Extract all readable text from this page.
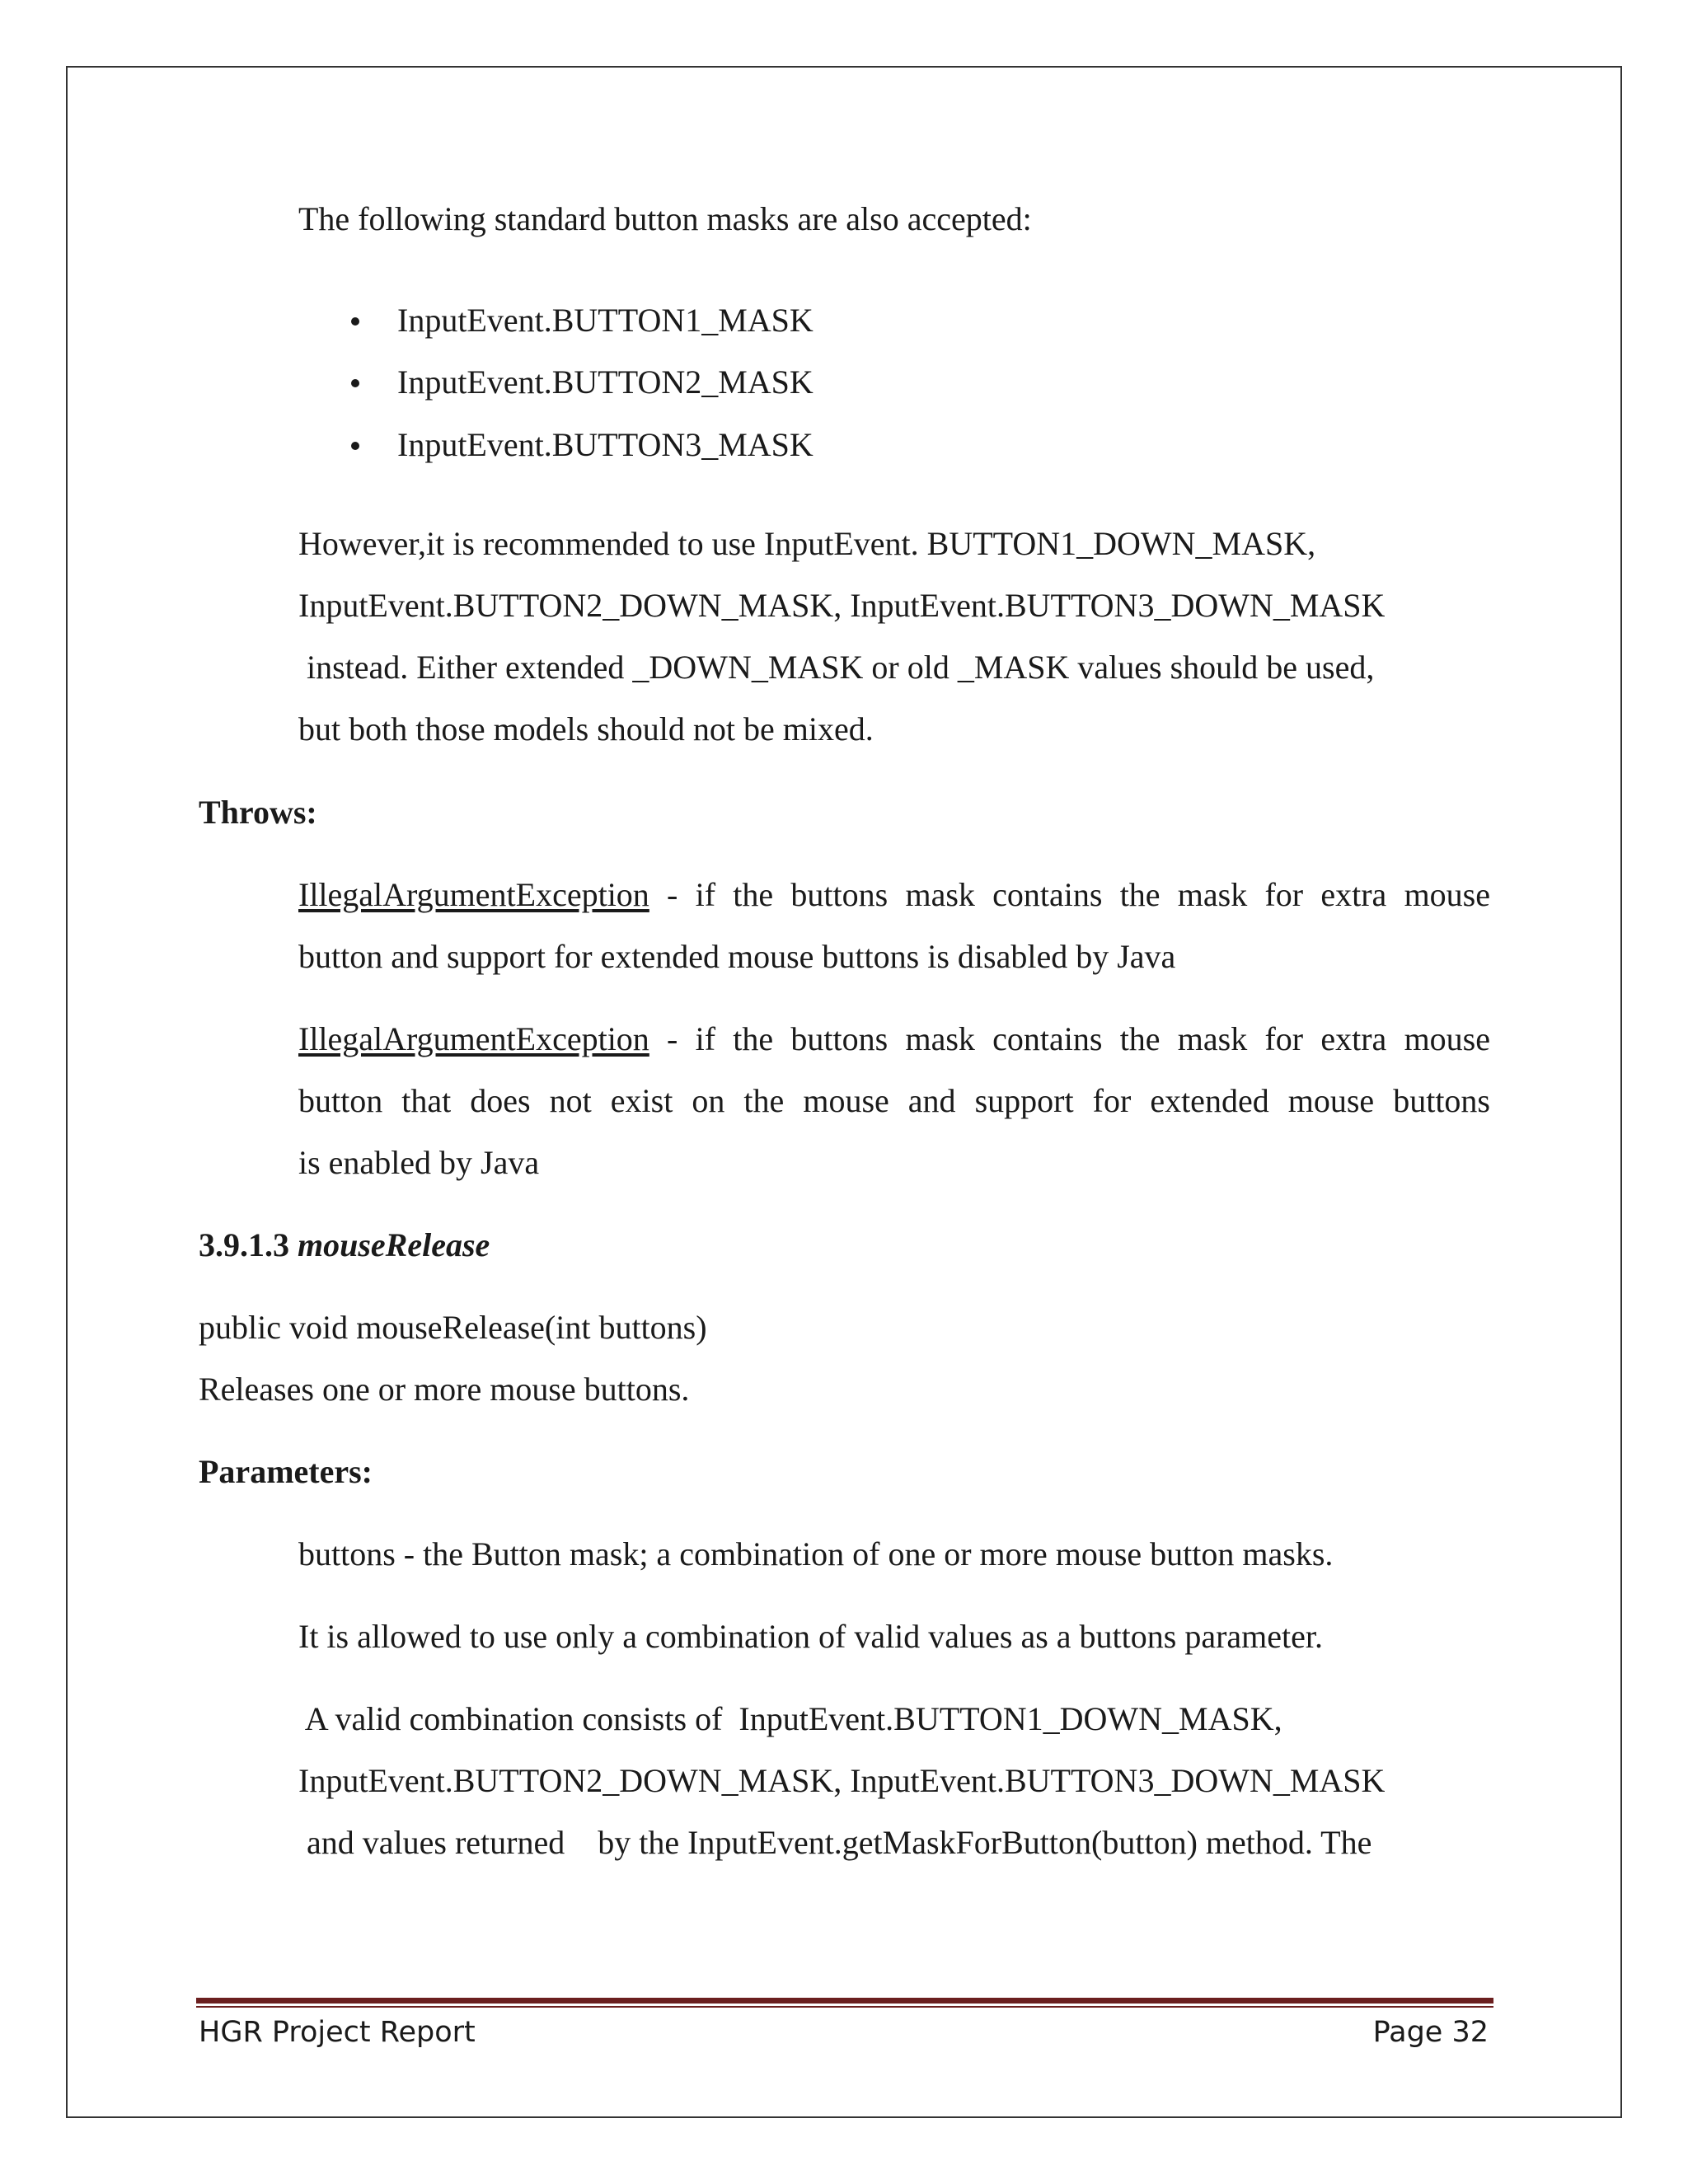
The following standard button masks are also accepted:
InputEvent.BUTTON1_MASK
InputEvent.BUTTON2_MASK
InputEvent.BUTTON3_MASK
However,it is recommended to use InputEvent. BUTTON1_DOWN_MASK,
InputEvent.BUTTON2_DOWN_MASK, InputEvent.BUTTON3_DOWN_MASK
instead. Either extended _DOWN_MASK or old _MASK values should be used,
but both those models should not be mixed.
Throws:
IllegalArgumentException - if the buttons mask contains the mask for extra mouse
button and support for extended mouse buttons is disabled by Java
IllegalArgumentException - if the buttons mask contains the mask for extra mouse
button that does not exist on the mouse and support for extended mouse buttons
is enabled by Java
3.9.1.3 mouseRelease
public void mouseRelease(int buttons)
Releases one or more mouse buttons.
Parameters:
buttons - the Button mask; a combination of one or more mouse button masks.
It is allowed to use only a combination of valid values as a buttons parameter.
A valid combination consists of  InputEvent.BUTTON1_DOWN_MASK,
InputEvent.BUTTON2_DOWN_MASK, InputEvent.BUTTON3_DOWN_MASK
and values returned    by the InputEvent.getMaskForButton(button) method. The
HGR Project Report	Page 32
